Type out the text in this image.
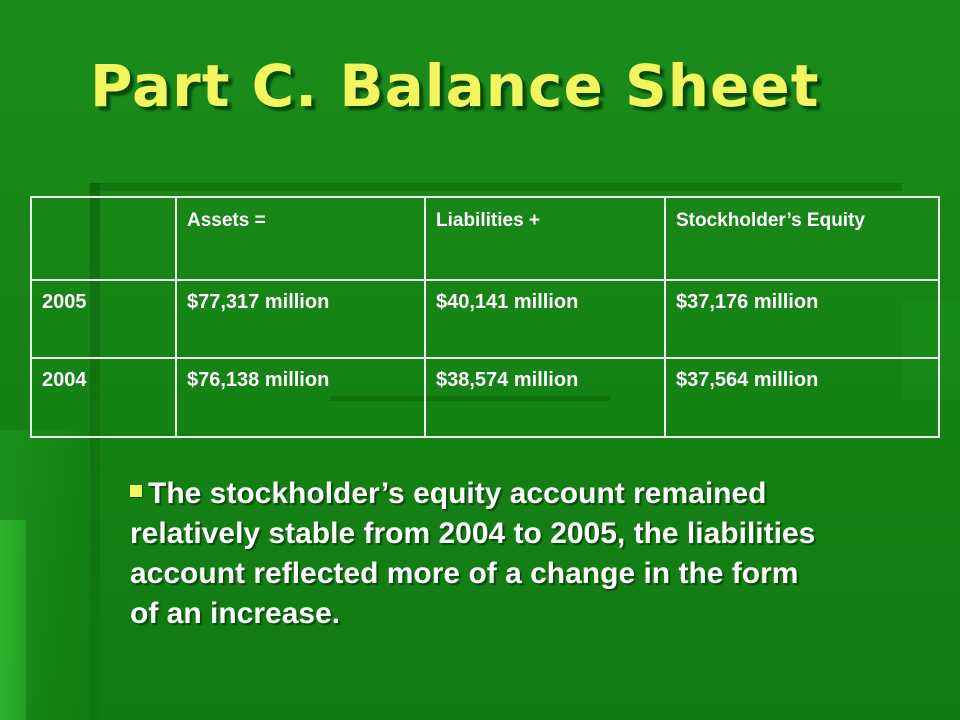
Part C. Balance Sheet
	Assets =	Liabilities +	Stockholder’s Equity
2005	$77,317 million	$40,141 million	$37,176 million
2004	$76,138 million	$38,574 million	$37,564 million
The stockholder’s equity account remained relatively stable from 2004 to 2005, the liabilities account reflected more of a change in the form of an increase.
